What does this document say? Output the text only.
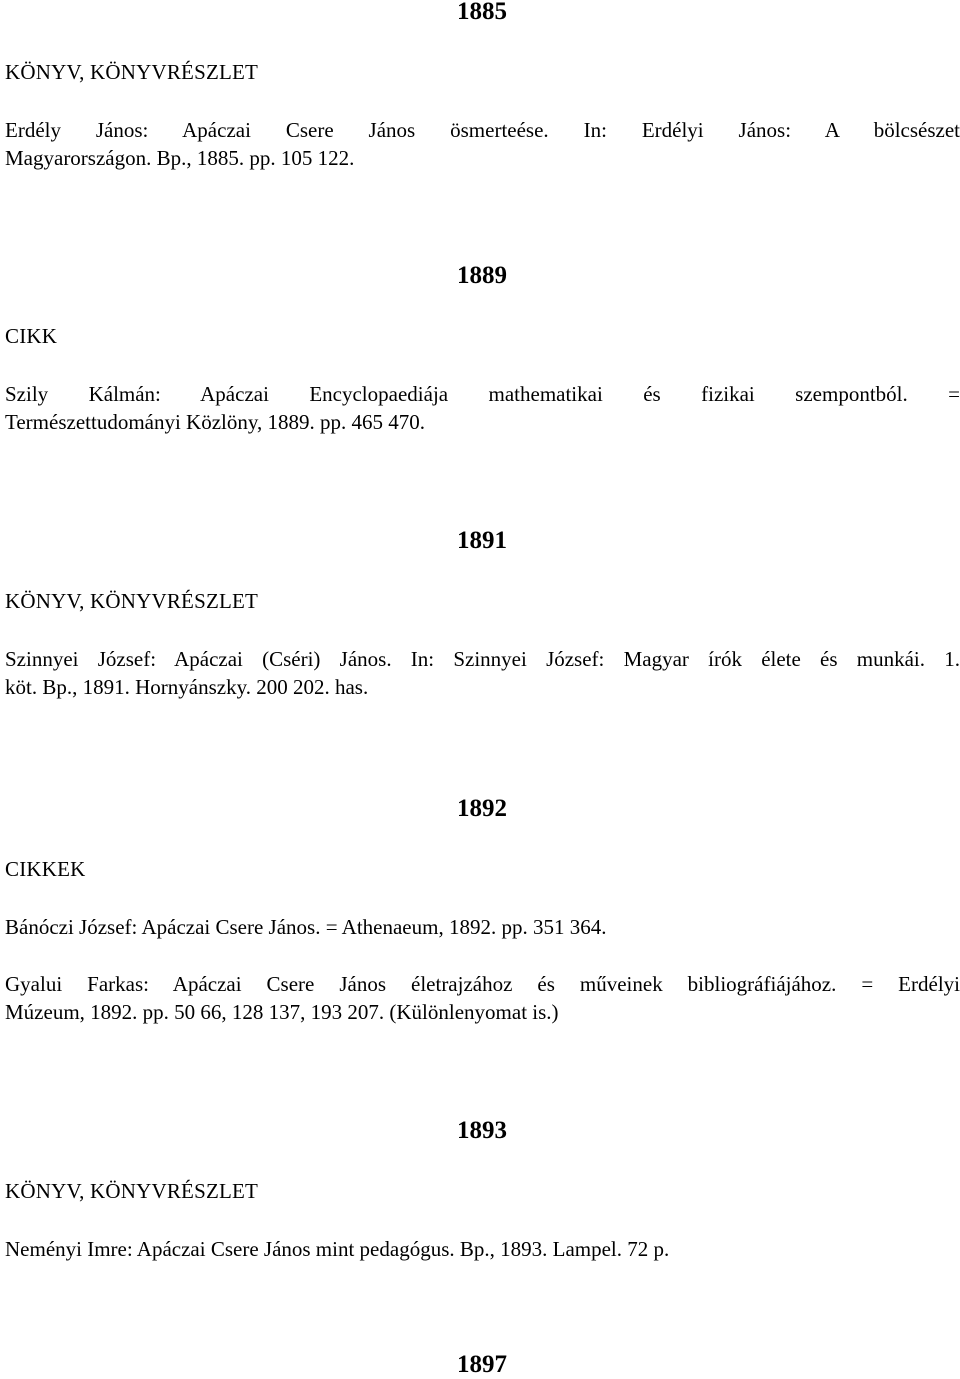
1885
KÖNYV, KÖNYVRÉSZLET
Erdély János: Apáczai Csere János ösmerteése. In: Erdélyi János: A bölcsészet
Magyarországon. Bp., 1885. pp. 105 122.
1889
CIKK
Szily Kálmán: Apáczai Encyclopaediája mathematikai és fizikai szempontból. =
Természettudományi Közlöny, 1889. pp. 465 470.
1891
KÖNYV, KÖNYVRÉSZLET
Szinnyei József: Apáczai (Cséri) János. In: Szinnyei József: Magyar írók élete és munkái. 1.
köt. Bp., 1891. Hornyánszky. 200 202. has.
1892
CIKKEK
Bánóczi József: Apáczai Csere János. = Athenaeum, 1892. pp. 351 364.
Gyalui Farkas: Apáczai Csere János életrajzához és műveinek bibliográfiájához. = Erdélyi
Múzeum, 1892. pp. 50 66, 128 137, 193 207. (Különlenyomat is.)
1893
KÖNYV, KÖNYVRÉSZLET
Neményi Imre: Apáczai Csere János mint pedagógus. Bp., 1893. Lampel. 72 p.
1897
